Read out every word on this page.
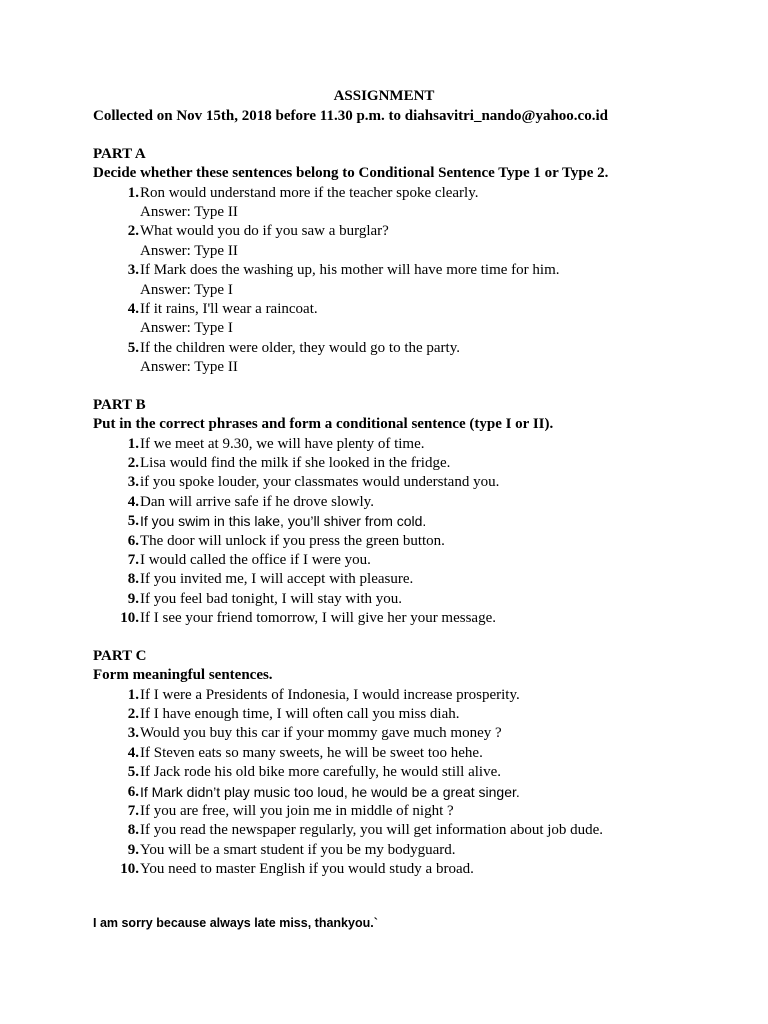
ASSIGNMENT
Collected on Nov 15th, 2018 before 11.30 p.m. to diahsavitri_nando@yahoo.co.id

PART A

Decide whether these sentences belong to Conditional Sentence Type 1 or Type 2.

1. Ron would understand more if the teacher spoke clearly.
Answer: Type II
2. What would you do if you saw a burglar?
Answer: Type II
3. If Mark does the washing up, his mother will have more time for him.
Answer: Type I
4. If it rains, I'll wear a raincoat.
Answer: Type I
5. If the children were older, they would go to the party.
Answer: Type II

PART B

Put in the correct phrases and form a conditional sentence (type I or II).

1. If we meet at 9.30, we will have plenty of time.
2. Lisa would find the milk if she looked in the fridge.
3. if you spoke louder, your classmates would understand you.
4. Dan will arrive safe if he drove slowly.
5. If you swim in this lake, you’ll shiver from cold.
6. The door will unlock if you press the green button.
7. I would called the office if I were you.
8. If you invited me, I will accept with pleasure.
9. If you feel bad tonight, I will stay with you.
10. If I see your friend tomorrow, I will give her your message.

PART C

Form meaningful sentences.

1. If I were a Presidents of Indonesia, I would increase prosperity.
2. If I have enough time, I will often call you miss diah.
3. Would you buy this car if your mommy gave much money ?
4. If Steven eats so many sweets, he will be sweet too hehe.
5. If Jack rode his old bike more carefully, he would still alive.
6. If Mark didn’t play music too loud, he would be a great singer.
7. If you are free, will you join me in middle of night ?
8. If you read the newspaper regularly, you will get information about job dude.
9. You will be a smart student if you be my bodyguard.
10. You need to master English if you would study a broad.
I am sorry because always late miss, thankyou.`
